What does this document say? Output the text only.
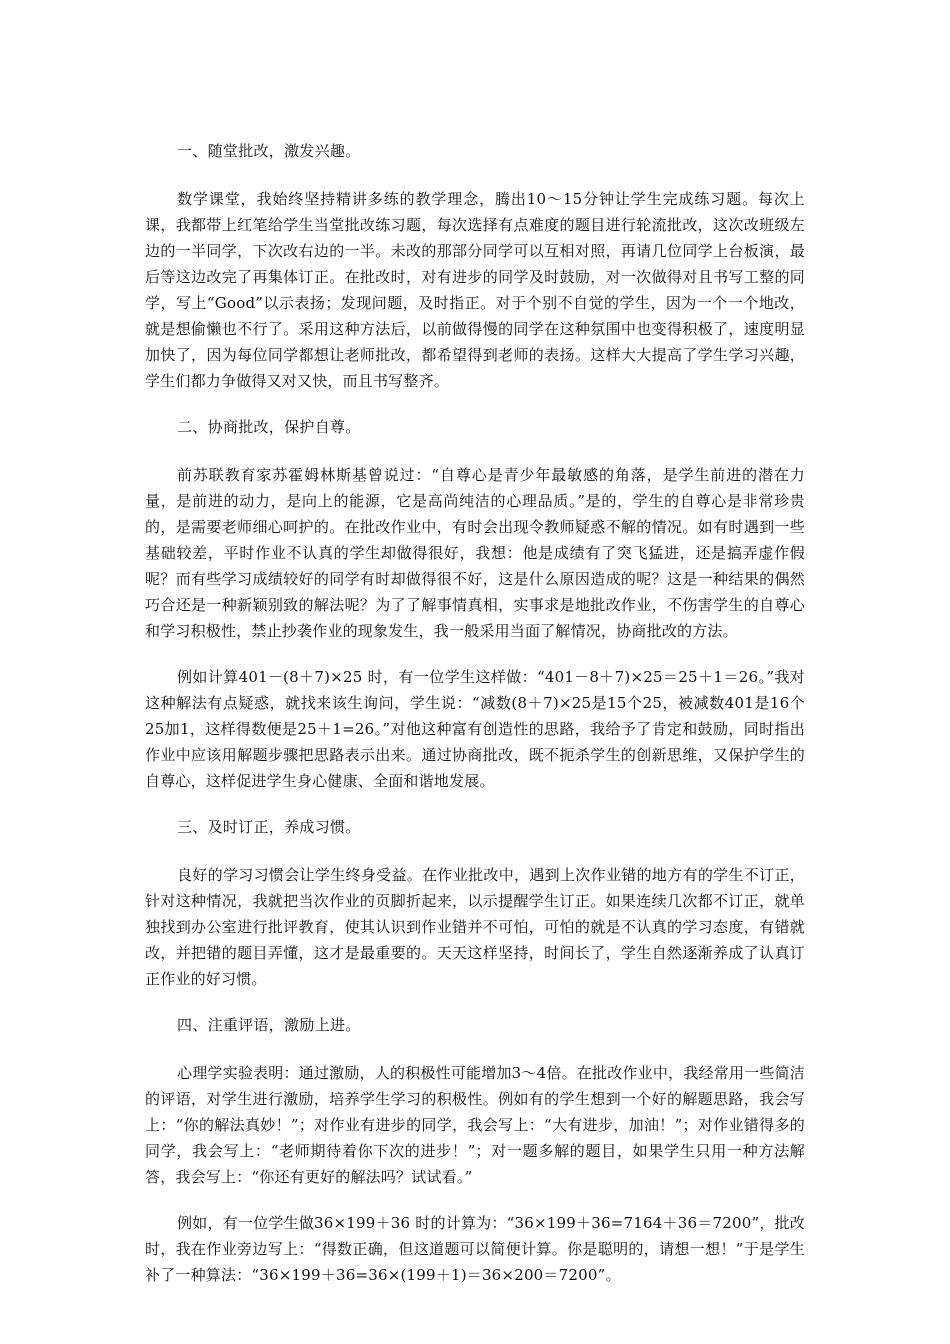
一、随堂批改，激发兴趣。

数学课堂，我始终坚持精讲多练的教学理念，腾出10～15分钟让学生完成练习题。每次上课，我都带上红笔给学生当堂批改练习题，每次选择有点难度的题目进行轮流批改，这次改班级左边的一半同学，下次改右边的一半。未改的那部分同学可以互相对照，再请几位同学上台板演，最后等这边改完了再集体订正。在批改时，对有进步的同学及时鼓励，对一次做得对且书写工整的同学，写上“Good”以示表扬；发现问题，及时指正。对于个别不自觉的学生，因为一个一个地改，就是想偷懒也不行了。采用这种方法后，以前做得慢的同学在这种氛围中也变得积极了，速度明显加快了，因为每位同学都想让老师批改，都希望得到老师的表扬。这样大大提高了学生学习兴趣，学生们都力争做得又对又快，而且书写整齐。

二、协商批改，保护自尊。

前苏联教育家苏霍姆林斯基曾说过：“自尊心是青少年最敏感的角落，是学生前进的潜在力量，是前进的动力，是向上的能源，它是高尚纯洁的心理品质。”是的，学生的自尊心是非常珍贵的，是需要老师细心呵护的。在批改作业中，有时会出现令教师疑惑不解的情况。如有时遇到一些基础较差，平时作业不认真的学生却做得很好，我想：他是成绩有了突飞猛进，还是搞弄虚作假呢？而有些学习成绩较好的同学有时却做得很不好，这是什么原因造成的呢？这是一种结果的偶然巧合还是一种新颖别致的解法呢？为了了解事情真相，实事求是地批改作业，不伤害学生的自尊心和学习积极性，禁止抄袭作业的现象发生，我一般采用当面了解情况，协商批改的方法。

例如计算401－(8＋7)×25 时，有一位学生这样做：“401－8＋7)×25＝25＋1＝26。”我对这种解法有点疑惑，就找来该生询问，学生说：“减数(8＋7)×25是15个25，被减数401是16个25加1，这样得数便是25＋1=26。”对他这种富有创造性的思路，我给予了肯定和鼓励，同时指出作业中应该用解题步骤把思路表示出来。通过协商批改，既不扼杀学生的创新思维，又保护学生的自尊心，这样促进学生身心健康、全面和谐地发展。

三、及时订正，养成习惯。

良好的学习习惯会让学生终身受益。在作业批改中，遇到上次作业错的地方有的学生不订正，针对这种情况，我就把当次作业的页脚折起来，以示提醒学生订正。如果连续几次都不订正，就单独找到办公室进行批评教育，使其认识到作业错并不可怕，可怕的就是不认真的学习态度，有错就改，并把错的题目弄懂，这才是最重要的。天天这样坚持，时间长了，学生自然逐渐养成了认真订正作业的好习惯。

四、注重评语，激励上进。

心理学实验表明：通过激励，人的积极性可能增加3～4倍。在批改作业中，我经常用一些简洁的评语，对学生进行激励，培养学生学习的积极性。例如有的学生想到一个好的解题思路，我会写上：“你的解法真妙！”；对作业有进步的同学，我会写上：“大有进步，加油！”；对作业错得多的同学，我会写上：“老师期待着你下次的进步！”；对一题多解的题目，如果学生只用一种方法解答，我会写上：“你还有更好的解法吗？试试看。”

例如，有一位学生做36×199＋36 时的计算为：“36×199＋36=7164＋36＝7200”，批改时，我在作业旁边写上：“得数正确，但这道题可以简便计算。你是聪明的，请想一想！”于是学生补了一种算法：“36×199＋36=36×(199＋1)＝36×200＝7200”。
